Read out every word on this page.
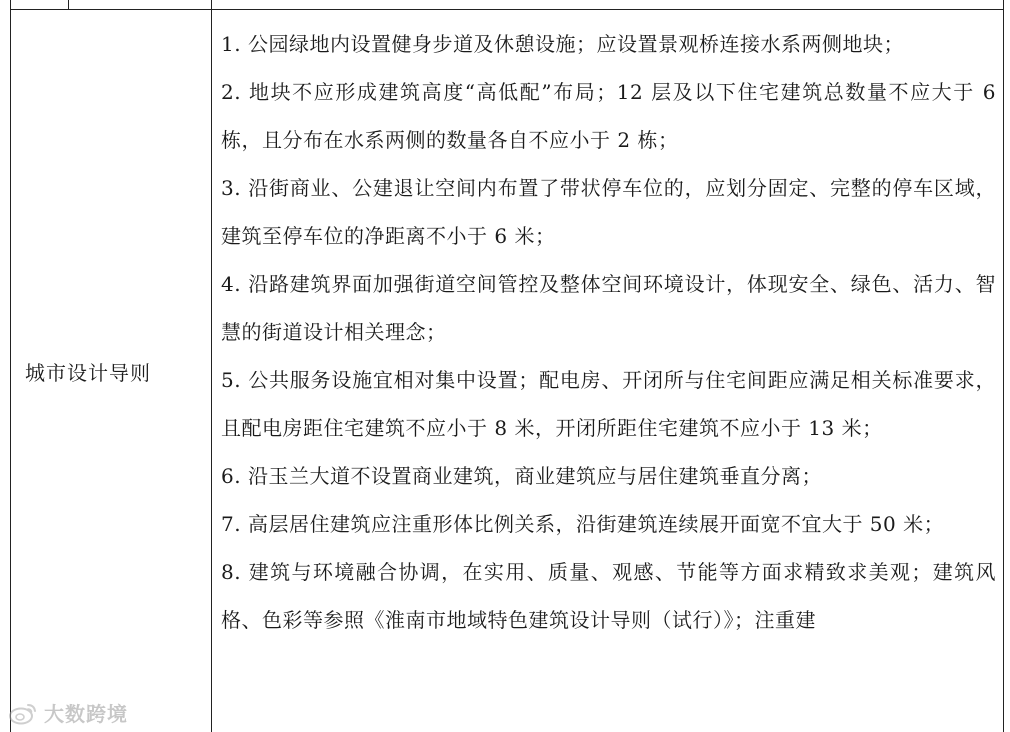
城市设计导则

1. 公园绿地内设置健身步道及休憩设施；应设置景观桥连接水系两侧地块；

2. 地块不应形成建筑高度“高低配”布局；12 层及以下住宅建筑总数量不应大于 6 栋，且分布在水系两侧的数量各自不应小于 2 栋；

3. 沿街商业、公建退让空间内布置了带状停车位的，应划分固定、完整的停车区域，建筑至停车位的净距离不小于 6 米；

4. 沿路建筑界面加强街道空间管控及整体空间环境设计，体现安全、绿色、活力、智慧的街道设计相关理念；

5. 公共服务设施宜相对集中设置；配电房、开闭所与住宅间距应满足相关标准要求，且配电房距住宅建筑不应小于 8 米，开闭所距住宅建筑不应小于 13 米；

6. 沿玉兰大道不设置商业建筑，商业建筑应与居住建筑垂直分离；

7. 高层居住建筑应注重形体比例关系，沿街建筑连续展开面宽不宜大于 50 米；

8. 建筑与环境融合协调，在实用、质量、观感、节能等方面求精致求美观；建筑风格、色彩等参照《淮南市地域特色建筑设计导则（试行）》；注重建

大数跨境
